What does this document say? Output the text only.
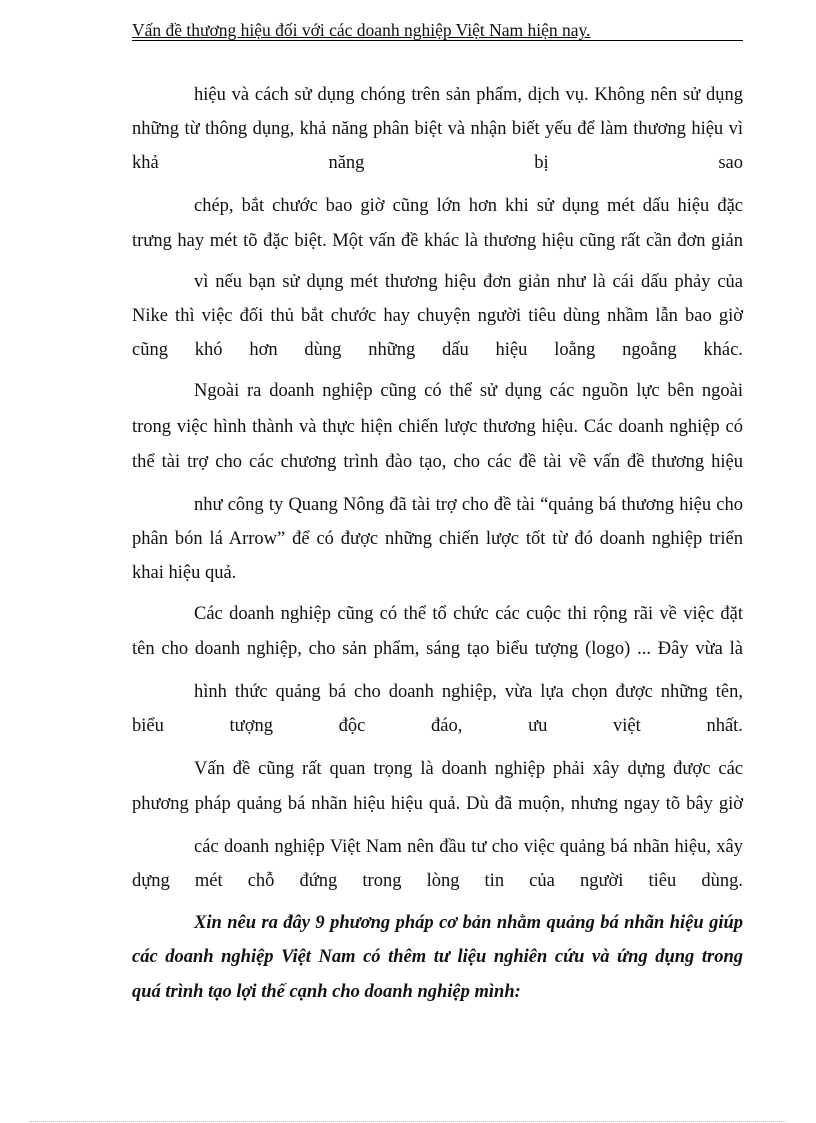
Vấn đề thương hiệu đối với các doanh nghiệp Việt Nam hiện nay.
hiệu và cách sử dụng chóng trên sản phẩm, dịch vụ. Không nên sử dụng
những từ thông dụng, khả năng phân biệt và nhận biết yếu để làm thương hiệu vì
khả	năng	bị	sao
chép, bắt chước bao giờ cũng lớn hơn khi sử dụng mét dấu hiệu đặc
trưng hay mét tõ đặc biệt. Một vấn đề khác là thương hiệu cũng rất cần đơn giản
vì nếu bạn sử dụng mét thương hiệu đơn giản như là cái dấu phảy của
Nike thì việc đối thủ bắt chước hay chuyện người tiêu dùng nhầm lẫn bao giờ
cũng khó hơn dùng những dấu hiệu loằng ngoằng khác.
Ngoài ra doanh nghiệp cũng có thể sử dụng các nguồn lực bên ngoài
trong việc hình thành và thực hiện chiến lược thương hiệu. Các doanh nghiệp có
thể tài trợ cho các chương trình đào tạo, cho các đề tài về vấn đề thương hiệu
như công ty Quang Nông đã tài trợ cho đề tài “quảng bá thương hiệu cho
phân bón lá Arrow” để có được những chiến lược tốt từ đó doanh nghiệp triển
khai hiệu quả.
Các doanh nghiệp cũng có thể tổ chức các cuộc thi rộng rãi về việc đặt
tên cho doanh nghiệp, cho sản phẩm, sáng tạo biểu tượng (logo) ... Đây vừa là
hình thức quảng bá cho doanh nghiệp, vừa lựa chọn được những tên,
biểu	tượng	độc	đáo,	ưu	việt	nhất.
Vấn đề cũng rất quan trọng là doanh nghiệp phải xây dựng được các
phương pháp quảng bá nhãn hiệu hiệu quả. Dù đã muộn, nhưng ngay tõ bây giờ
các doanh nghiệp Việt Nam nên đầu tư cho việc quảng bá nhãn hiệu, xây
dựng mét chỗ đứng trong lòng tin của người tiêu dùng.
Xin nêu ra đây 9 phương pháp cơ bản nhằm quảng bá nhãn hiệu giúp
các doanh nghiệp Việt Nam có thêm tư liệu nghiên cứu và ứng dụng trong
quá trình tạo lợi thế cạnh cho doanh nghiệp mình:
